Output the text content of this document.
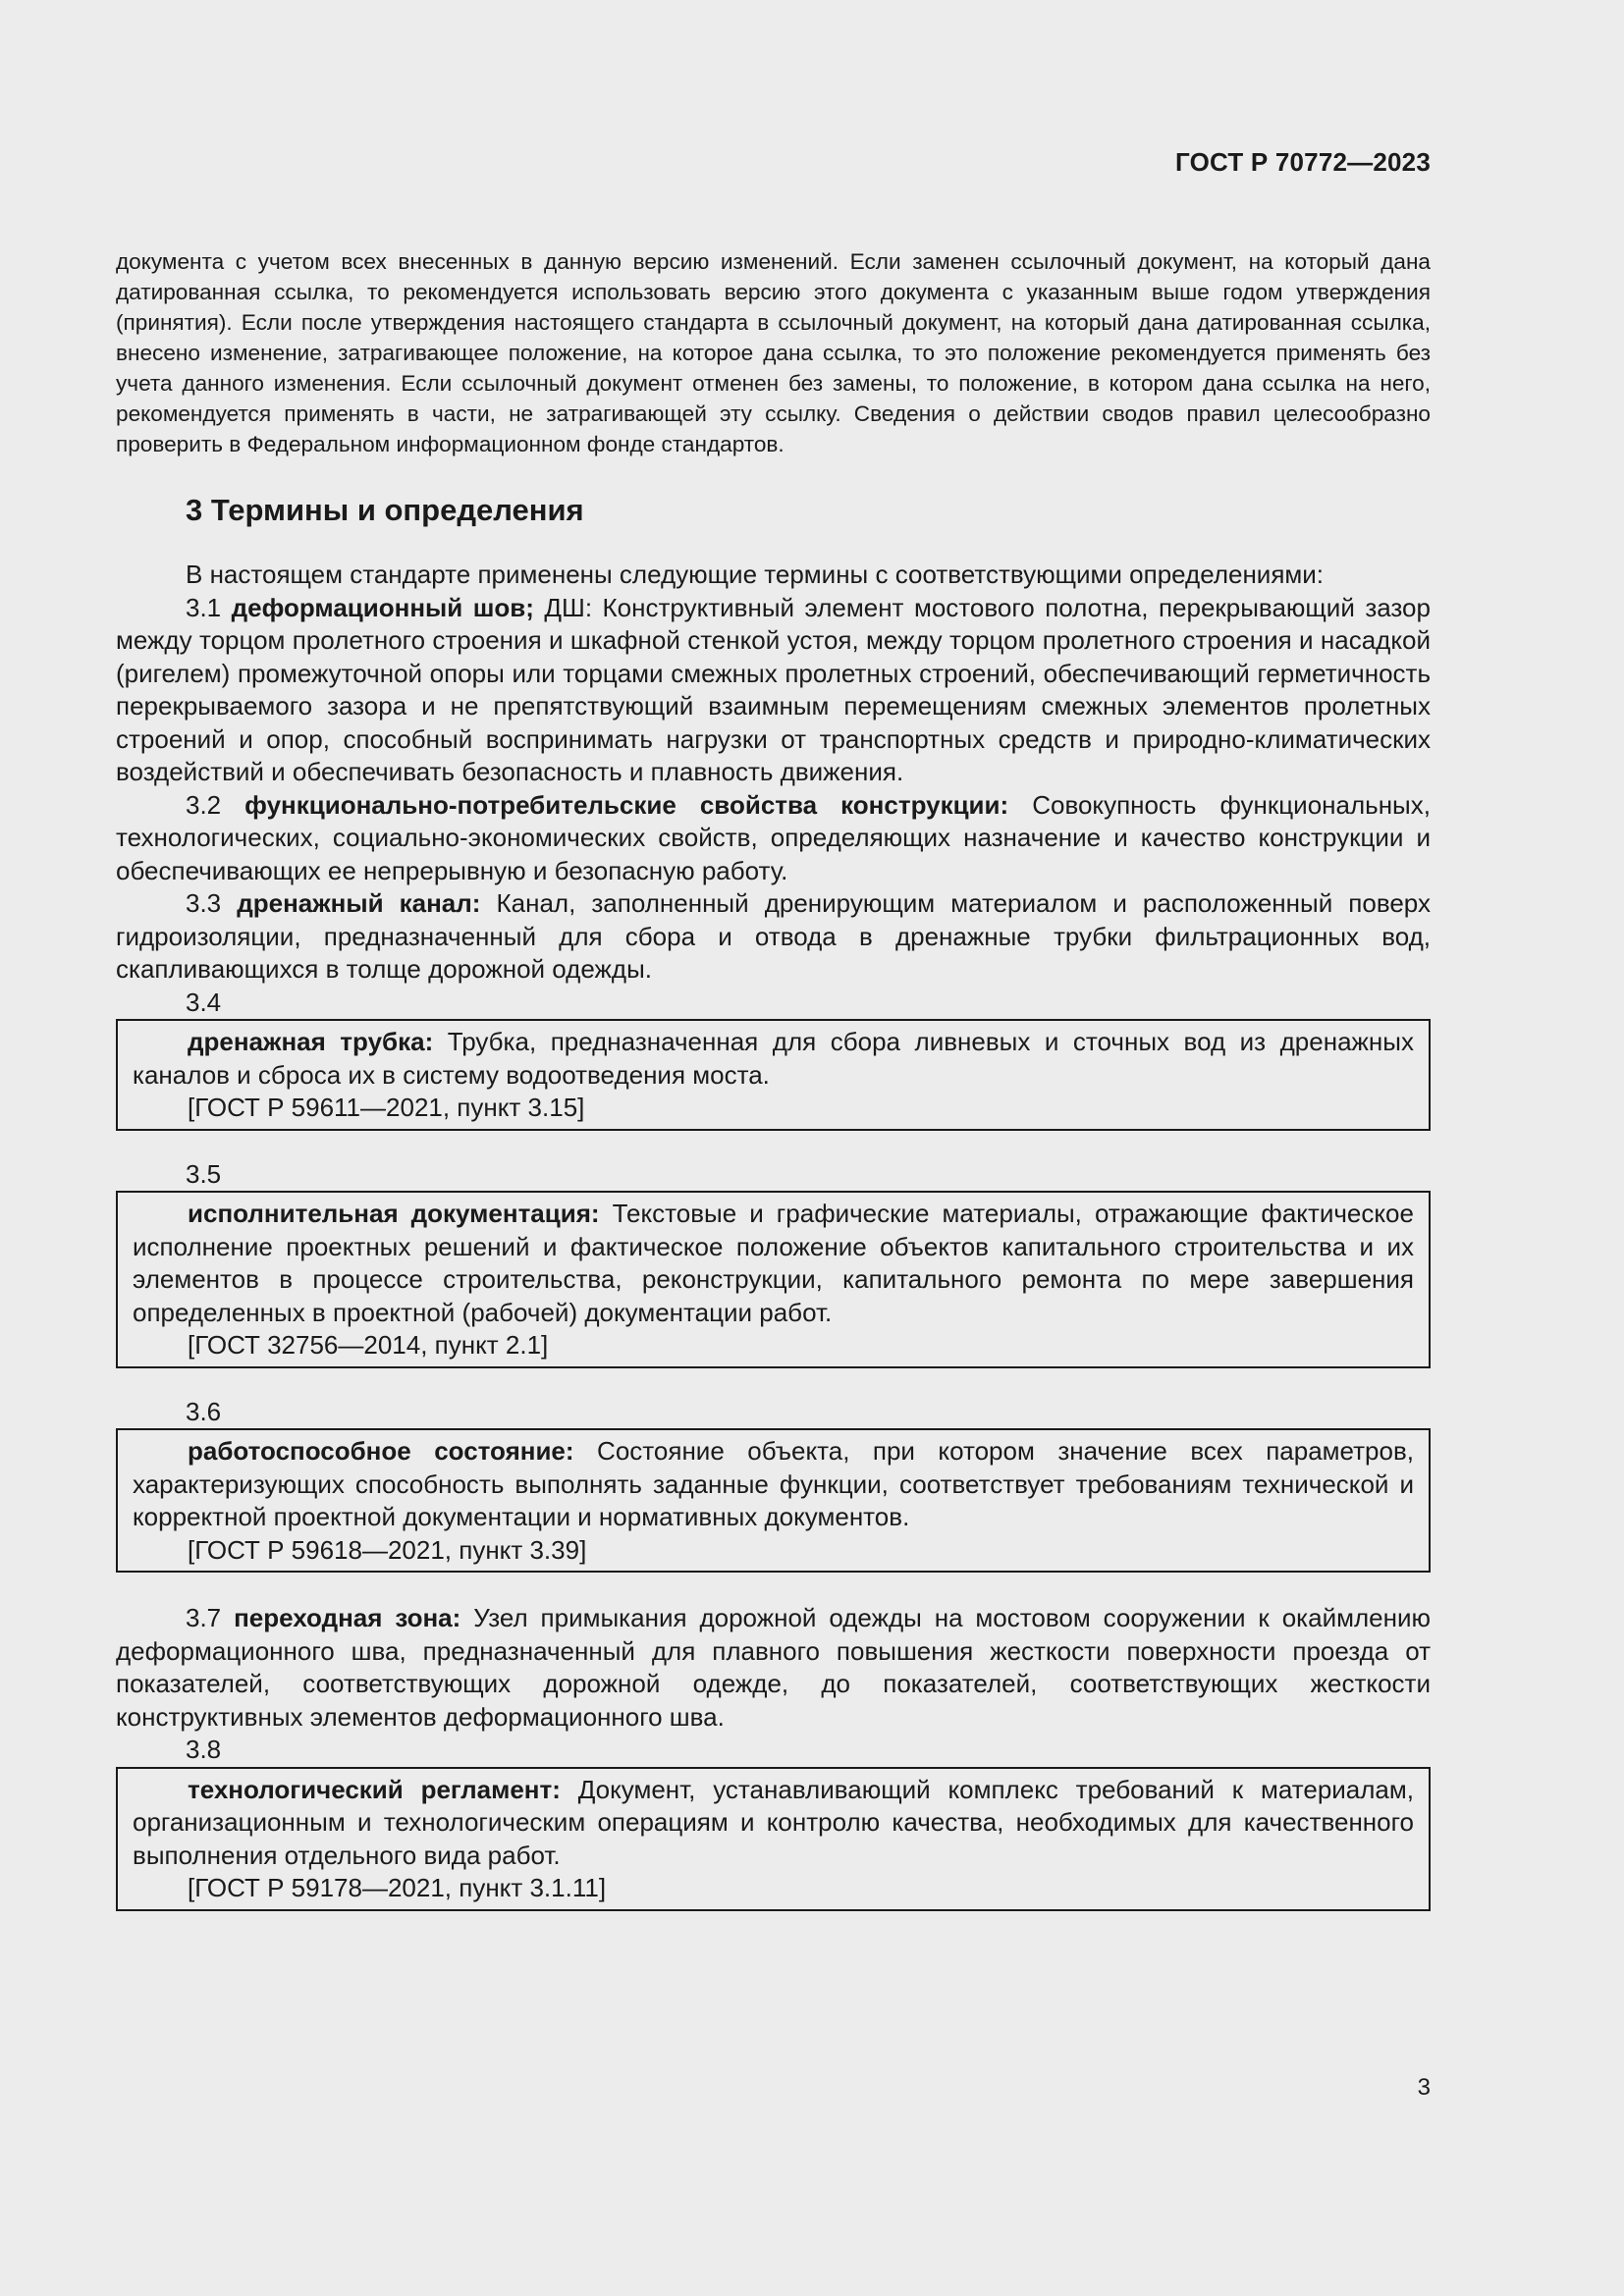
ГОСТ Р 70772—2023

документа с учетом всех внесенных в данную версию изменений. Если заменен ссылочный документ, на который дана датированная ссылка, то рекомендуется использовать версию этого документа с указанным выше годом утверждения (принятия). Если после утверждения настоящего стандарта в ссылочный документ, на который дана датированная ссылка, внесено изменение, затрагивающее положение, на которое дана ссылка, то это положение рекомендуется применять без учета данного изменения. Если ссылочный документ отменен без замены, то положение, в котором дана ссылка на него, рекомендуется применять в части, не затрагивающей эту ссылку. Сведения о действии сводов правил целесообразно проверить в Федеральном информационном фонде стандартов.

3 Термины и определения

В настоящем стандарте применены следующие термины с соответствующими определениями:

3.1 деформационный шов; ДШ: Конструктивный элемент мостового полотна, перекрывающий зазор между торцом пролетного строения и шкафной стенкой устоя, между торцом пролетного строения и насадкой (ригелем) промежуточной опоры или торцами смежных пролетных строений, обеспечивающий герметичность перекрываемого зазора и не препятствующий взаимным перемещениям смежных элементов пролетных строений и опор, способный воспринимать нагрузки от транспортных средств и природно-климатических воздействий и обеспечивать безопасность и плавность движения.

3.2 функционально-потребительские свойства конструкции: Совокупность функциональных, технологических, социально-экономических свойств, определяющих назначение и качество конструкции и обеспечивающих ее непрерывную и безопасную работу.

3.3 дренажный канал: Канал, заполненный дренирующим материалом и расположенный поверх гидроизоляции, предназначенный для сбора и отвода в дренажные трубки фильтрационных вод, скапливающихся в толще дорожной одежды.

3.4

дренажная трубка: Трубка, предназначенная для сбора ливневых и сточных вод из дренажных каналов и сброса их в систему водоотведения моста.

[ГОСТ Р 59611—2021, пункт 3.15]

3.5

исполнительная документация: Текстовые и графические материалы, отражающие фактическое исполнение проектных решений и фактическое положение объектов капитального строительства и их элементов в процессе строительства, реконструкции, капитального ремонта по мере завершения определенных в проектной (рабочей) документации работ.

[ГОСТ 32756—2014, пункт 2.1]

3.6

работоспособное состояние: Состояние объекта, при котором значение всех параметров, характеризующих способность выполнять заданные функции, соответствует требованиям технической и корректной проектной документации и нормативных документов.

[ГОСТ Р 59618—2021, пункт 3.39]

3.7 переходная зона: Узел примыкания дорожной одежды на мостовом сооружении к окаймлению деформационного шва, предназначенный для плавного повышения жесткости поверхности проезда от показателей, соответствующих дорожной одежде, до показателей, соответствующих жесткости конструктивных элементов деформационного шва.

3.8

технологический регламент: Документ, устанавливающий комплекс требований к материалам, организационным и технологическим операциям и контролю качества, необходимых для качественного выполнения отдельного вида работ.

[ГОСТ Р 59178—2021, пункт 3.1.11]

3
